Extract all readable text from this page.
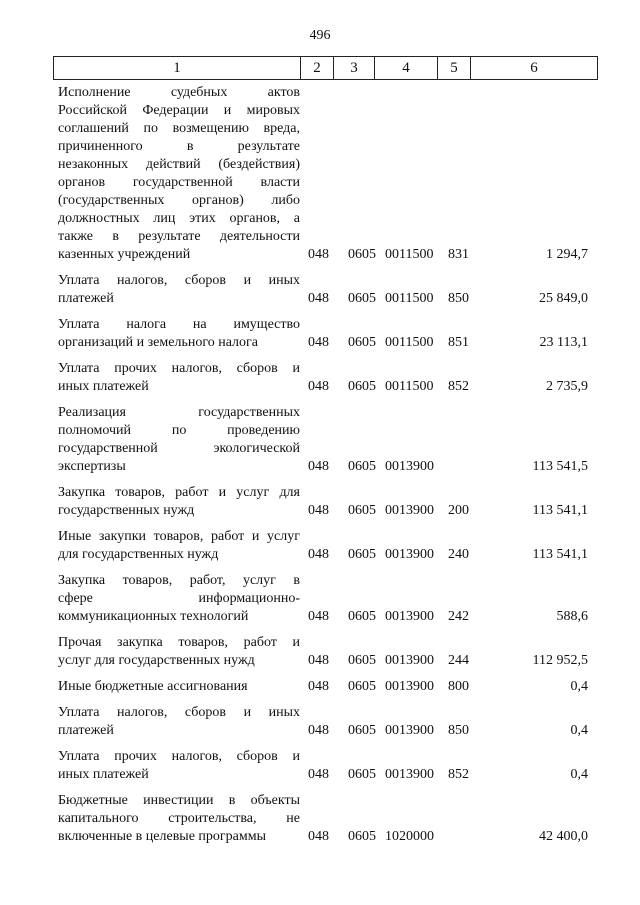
496
1	2	3	4	5	6
Исполнение судебных актов
Российской Федерации и мировых
соглашений по возмещению вреда,
причиненного в результате
незаконных действий (бездействия)
органов государственной власти
(государственных органов) либо
должностных лиц этих органов, а
также в результате деятельности
казенных учреждений	048 0605 0011500 831	1 294,7
Уплата налогов, сборов и иных
платежей	048 0605 0011500 850	25 849,0
Уплата налога на имущество
организаций и земельного налога	048 0605 0011500 851	23 113,1
Уплата прочих налогов, сборов и
иных платежей	048 0605 0011500 852	2 735,9
Реализация государственных
полномочий по проведению
государственной экологической
экспертизы	048 0605 0013900	113 541,5
Закупка товаров, работ и услуг для
государственных нужд	048 0605 0013900 200	113 541,1
Иные закупки товаров, работ и услуг
для государственных нужд	048 0605 0013900 240	113 541,1
Закупка товаров, работ, услуг в
сфере информационно-
коммуникационных технологий	048 0605 0013900 242	588,6
Прочая закупка товаров, работ и
услуг для государственных нужд	048 0605 0013900 244	112 952,5
Иные бюджетные ассигнования	048 0605 0013900 800	0,4
Уплата налогов, сборов и иных
платежей	048 0605 0013900 850	0,4
Уплата прочих налогов, сборов и
иных платежей	048 0605 0013900 852	0,4
Бюджетные инвестиции в объекты
капитального строительства, не
включенные в целевые программы	048 0605 1020000	42 400,0
